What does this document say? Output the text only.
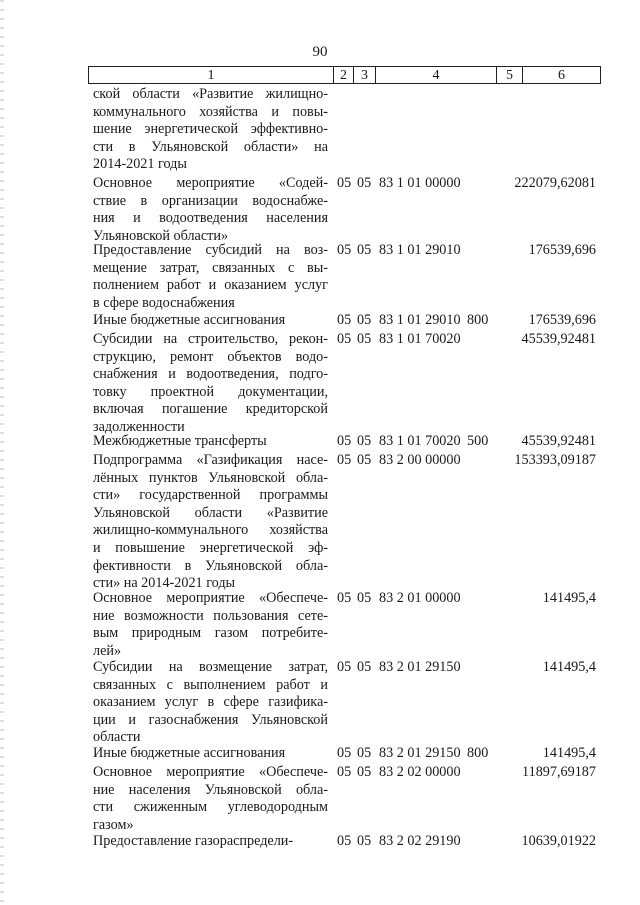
90
1	2	3	4	5	6
ской области «Развитие жилищно-
коммунального хозяйства и повы-
шение энергетической эффективно-
сти в Ульяновской области» на
2014-2021 годы
Основное мероприятие «Содей-
ствие в организации водоснабже-
ния и водоотведения населения
Ульяновской области»
05 05 83 1 01 00000	222079,62081
Предоставление субсидий на воз-
мещение затрат, связанных с вы-
полнением работ и оказанием услуг
в сфере водоснабжения
05 05 83 1 01 29010	176539,696
Иные бюджетные ассигнования	05 05 83 1 01 29010 800	176539,696
Субсидии на строительство, рекон-
струкцию, ремонт объектов водо-
снабжения и водоотведения, подго-
товку проектной документации,
включая погашение кредиторской
задолженности
05 05 83 1 01 70020	45539,92481
Межбюджетные трансферты	05 05 83 1 01 70020 500	45539,92481
Подпрограмма «Газификация насе-
лённых пунктов Ульяновской обла-
сти» государственной программы
Ульяновской области «Развитие
жилищно-коммунального хозяйства
и повышение энергетической эф-
фективности в Ульяновской обла-
сти» на 2014-2021 годы
05 05 83 2 00 00000	153393,09187
Основное мероприятие «Обеспече-
ние возможности пользования сете-
вым природным газом потребите-
лей»
05 05 83 2 01 00000	141495,4
Субсидии на возмещение затрат,
связанных с выполнением работ и
оказанием услуг в сфере газифика-
ции и газоснабжения Ульяновской
области
05 05 83 2 01 29150	141495,4
Иные бюджетные ассигнования	05 05 83 2 01 29150 800	141495,4
Основное мероприятие «Обеспече-
ние населения Ульяновской обла-
сти сжиженным углеводородным
газом»
05 05 83 2 02 00000	11897,69187
Предоставление газораспредели-	05 05 83 2 02 29190	10639,01922
